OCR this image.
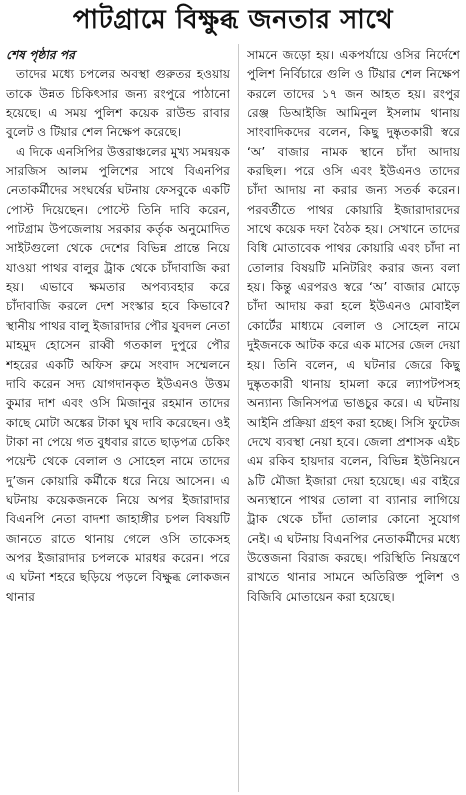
পাটগ্রামে বিক্ষুব্ধ জনতার সাথে
শেষ পৃষ্ঠার পর

তাদের মধ্যে চপলের অবস্থা গুরুতর হওয়ায় তাকে উন্নত চিকিৎসার জন্য রংপুরে পাঠানো হয়েছে। এ সময় পুলিশ কয়েক রাউন্ড রাবার বুলেট ও টিয়ার শেল নিক্ষেপ করেছে।

এ দিকে এনসিপির উত্তরাঞ্চলের মুখ্য সমন্বয়ক সারজিস আলম পুলিশের সাথে বিএনপির নেতাকর্মীদের সংঘর্ষের ঘটনায় ফেসবুকে একটি পোস্ট দিয়েছেন। পোস্টে তিনি দাবি করেন, পাটগ্রাম উপজেলায় সরকার কর্তৃক অনুমোদিত সাইটগুলো থেকে দেশের বিভিন্ন প্রান্তে নিয়ে যাওয়া পাথর বালুর ট্রাক থেকে চাঁদাবাজি করা হয়। এভাবে ক্ষমতার অপব্যবহার করে চাঁদাবাজি করলে দেশ সংস্কার হবে কিভাবে? স্থানীয় পাথর বালু ইজারাদার পৌর যুবদল নেতা মাহমুদ হোসেন রাব্বী গতকাল দুপুরে পৌর শহরের একটি অফিস রুমে সংবাদ সম্মেলনে দাবি করেন সদ্য যোগদানকৃত ইউএনও উত্তম কুমার দাশ এবং ওসি মিজানুর রহমান তাদের কাছে মোটা অঙ্কের টাকা ঘুষ দাবি করেছেন। ওই টাকা না পেয়ে গত বুধবার রাতে ছাড়পত্র চেকিং পয়েন্ট থেকে বেলাল ও সোহেল নামে তাদের দু’জন কোয়ারি কর্মীকে ধরে নিয়ে আসেন। এ ঘটনায় কয়েকজনকে নিয়ে অপর ইজারাদার বিএনপি নেতা বাদশা জাহাঙ্গীর চপল বিষয়টি জানতে রাতে থানায় গেলে ওসি তাকেসহ অপর ইজারাদার চপলকে মারধর করেন। পরে এ ঘটনা শহরে ছড়িয়ে পড়লে বিক্ষুব্ধ লোকজন থানার

সামনে জড়ো হয়। একপর্যায়ে ওসির নির্দেশে পুলিশ নির্বিচারে গুলি ও টিয়ার শেল নিক্ষেপ করলে তাদের ১৭ জন আহত হয়। রংপুর রেঞ্জ ডিআইজি আমিনুল ইসলাম থানায় সাংবাদিকদের বলেন, কিছু দুষ্কৃতকারী স্বরে ‘অ’ বাজার নামক স্থানে চাঁদা আদায় করছিল। পরে ওসি এবং ইউএনও তাদের চাঁদা আদায় না করার জন্য সতর্ক করেন। পরবর্তীতে পাথর কোয়ারি ইজারাদারদের সাথে কয়েক দফা বৈঠক হয়। সেখানে তাদের বিধি মোতাবেক পাথর কোয়ারি এবং চাঁদা না তোলার বিষয়টি মনিটরিং করার জন্য বলা হয়। কিন্তু এরপরও স্বরে ‘অ’ বাজার মোড়ে চাঁদা আদায় করা হলে ইউএনও মোবাইল কোর্টের মাধ্যমে বেলাল ও সোহেল নামে দুইজনকে আটক করে এক মাসের জেল দেয়া হয়। তিনি বলেন, এ ঘটনার জেরে কিছু দুষ্কৃতকারী থানায় হামলা করে ল্যাপটপসহ অন্যান্য জিনিসপত্র ভাঙচুর করে। এ ঘটনায় আইনি প্রক্রিয়া গ্রহণ করা হচ্ছে। সিসি ফুটেজ দেখে ব্যবস্থা নেয়া হবে। জেলা প্রশাসক এইচ এম রকিব হায়দার বলেন, বিভিন্ন ইউনিয়নে ৯টি মৌজা ইজারা দেয়া হয়েছে। এর বাইরে অন্যস্থানে পাথর তোলা বা ব্যানার লাগিয়ে ট্রাক থেকে চাঁদা তোলার কোনো সুযোগ নেই। এ ঘটনায় বিএনপির নেতাকর্মীদের মধ্যে উত্তেজনা বিরাজ করছে। পরিস্থিতি নিয়ন্ত্রণে রাখতে থানার সামনে অতিরিক্ত পুলিশ ও বিজিবি মোতায়েন করা হয়েছে।
